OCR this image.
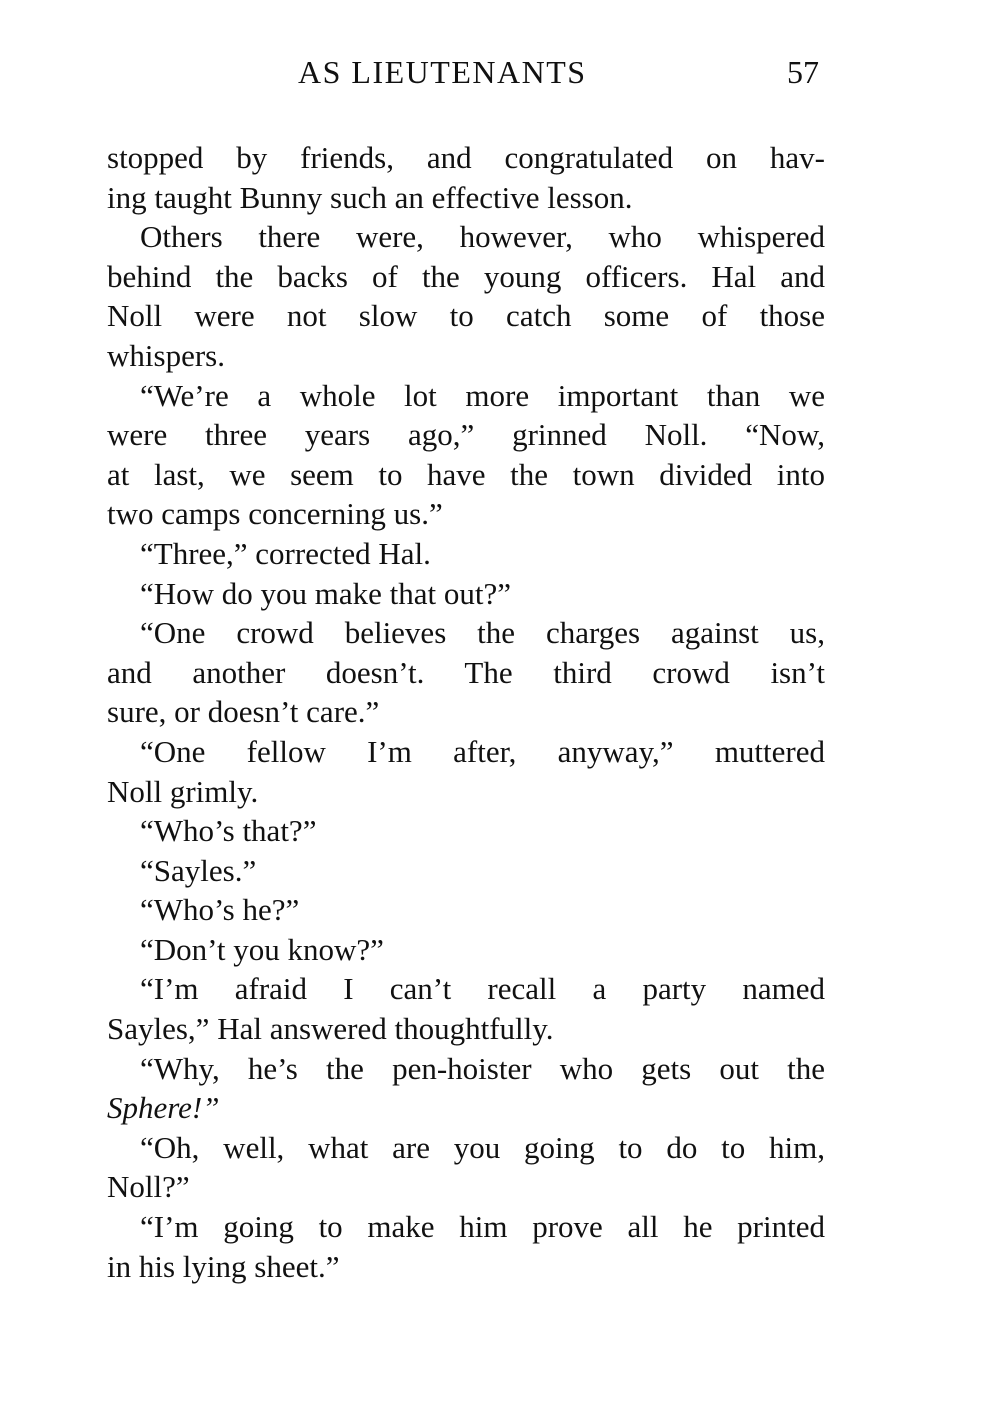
AS LIEUTENANTS	57
stopped by friends, and congratulated on hav-
ing taught Bunny such an effective lesson.
Others there were, however, who whispered
behind the backs of the young officers. Hal and
Noll were not slow to catch some of those
whispers.
“We’re a whole lot more important than we
were three years ago,” grinned Noll. “Now,
at last, we seem to have the town divided into
two camps concerning us.”
“Three,” corrected Hal.
“How do you make that out?”
“One crowd believes the charges against us,
and another doesn’t. The third crowd isn’t
sure, or doesn’t care.”
“One fellow I’m after, anyway,” muttered
Noll grimly.
“Who’s that?”
“Sayles.”
“Who’s he?”
“Don’t you know?”
“I’m afraid I can’t recall a party named
Sayles,” Hal answered thoughtfully.
“Why, he’s the pen-hoister who gets out the
Sphere!”
“Oh, well, what are you going to do to him,
Noll?”
“I’m going to make him prove all he printed
in his lying sheet.”
